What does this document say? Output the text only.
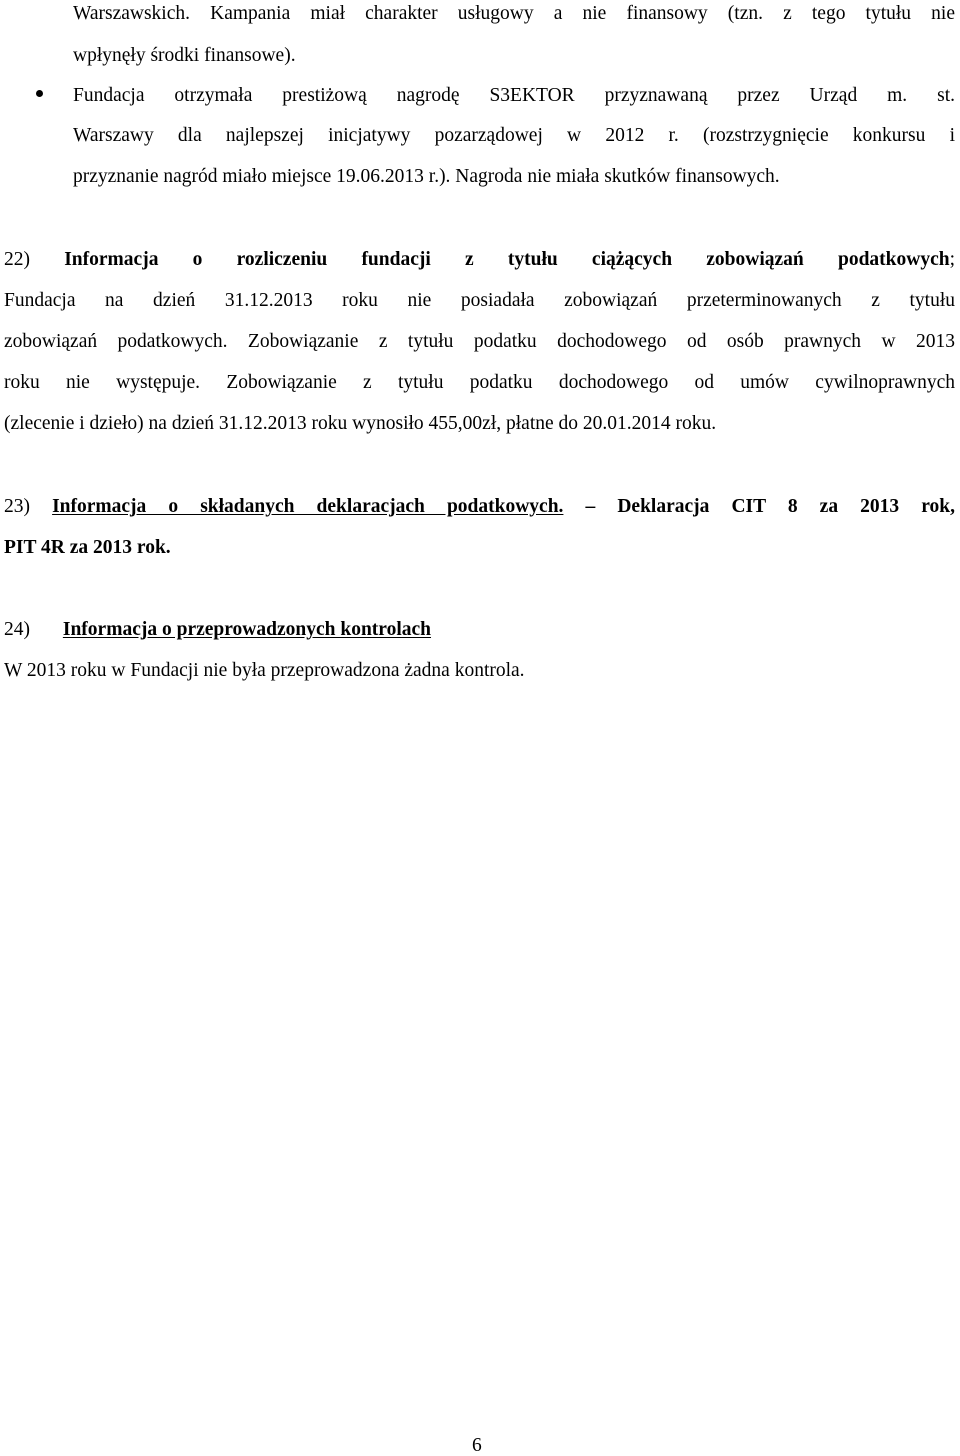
Warszawskich. Kampania miał charakter usługowy a nie finansowy (tzn. z tego tytułu nie
wpłynęły środki finansowe).
Fundacja otrzymała prestiżową nagrodę S3EKTOR przyznawaną przez Urząd m. st.
Warszawy dla najlepszej inicjatywy pozarządowej w 2012 r. (rozstrzygnięcie konkursu i
przyznanie nagród miało miejsce 19.06.2013 r.). Nagroda nie miała skutków finansowych.
22) Informacja o rozliczeniu fundacji z tytułu ciążących zobowiązań podatkowych;
Fundacja na dzień 31.12.2013 roku nie posiadała zobowiązań przeterminowanych z tytułu
zobowiązań podatkowych. Zobowiązanie z tytułu podatku dochodowego od osób prawnych w 2013
roku nie występuje. Zobowiązanie z tytułu podatku dochodowego od umów cywilnoprawnych
(zlecenie i dzieło) na dzień 31.12.2013 roku wynosiło 455,00zł, płatne do 20.01.2014 roku.
23) Informacja o składanych deklaracjach podatkowych. – Deklaracja CIT 8 za 2013 rok,
PIT 4R za 2013 rok.
24) Informacja o przeprowadzonych kontrolach
W 2013 roku w Fundacji nie była przeprowadzona żadna kontrola.
6
